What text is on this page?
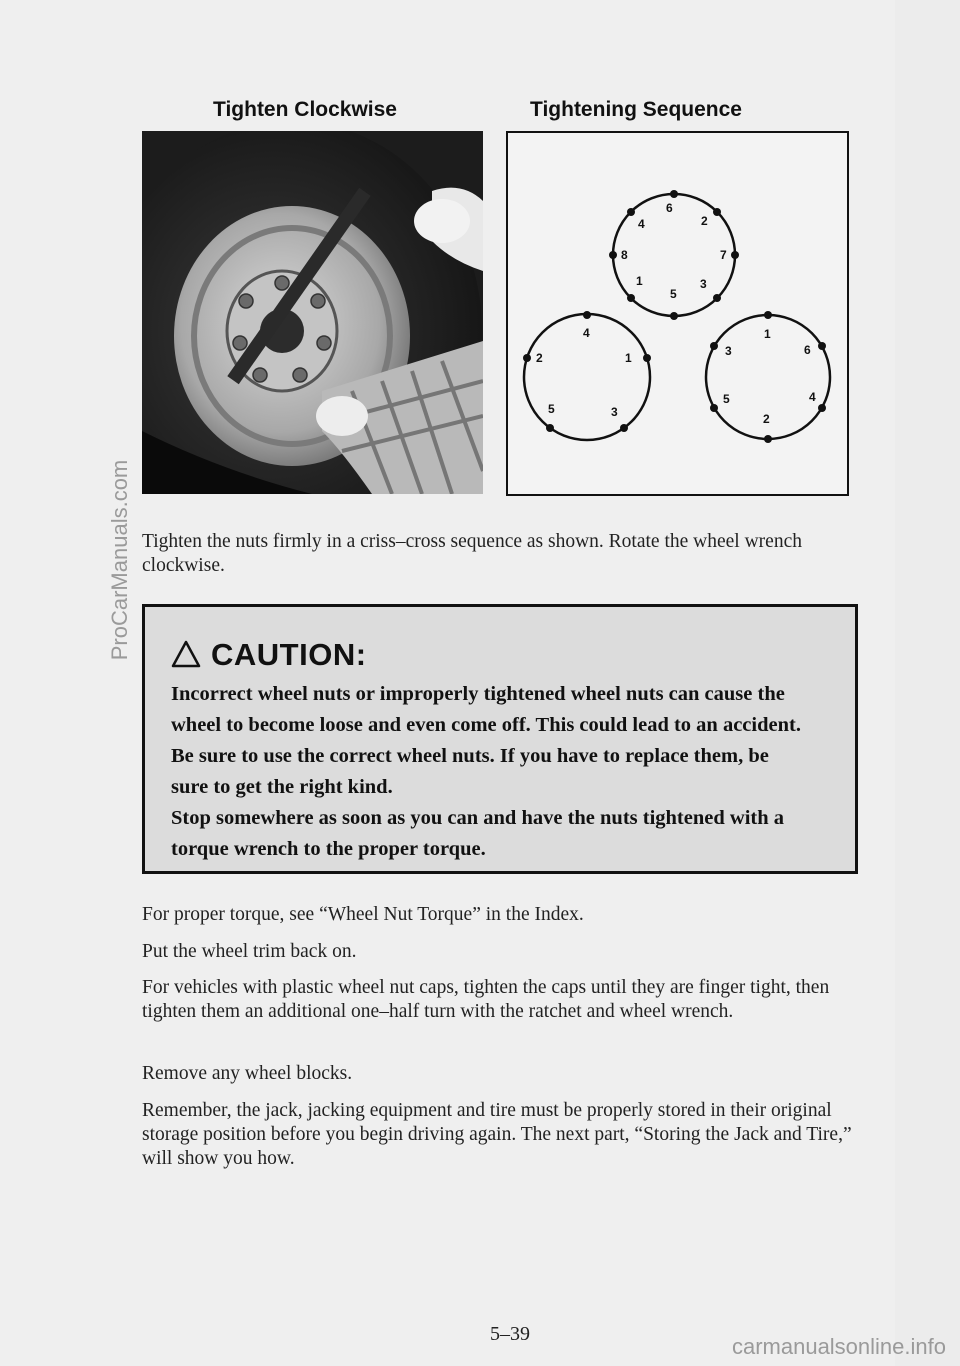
Tighten Clockwise	Tightening Sequence
6
2
7
3
5
1
8
4
4
1
3
5
2
1
6
4
2
5
3

Tighten the nuts firmly in a criss–cross sequence as shown. Rotate the wheel wrench clockwise.

CAUTION:

Incorrect wheel nuts or improperly tightened wheel nuts can cause the wheel to become loose and even come off. This could lead to an accident. Be sure to use the correct wheel nuts. If you have to replace them, be sure to get the right kind.

Stop somewhere as soon as you can and have the nuts tightened with a torque wrench to the proper torque.

For proper torque, see “Wheel Nut Torque” in the Index.

Put the wheel trim back on.

For vehicles with plastic wheel nut caps, tighten the caps until they are finger tight, then tighten them an additional one–half turn with the ratchet and wheel wrench.

Remove any wheel blocks.

Remember, the jack, jacking equipment and tire must be properly stored in their original storage position before you begin driving again. The next part, “Storing the Jack and Tire,” will show you how.

5–39
ProCarManuals.com
carmanualsonline.info
